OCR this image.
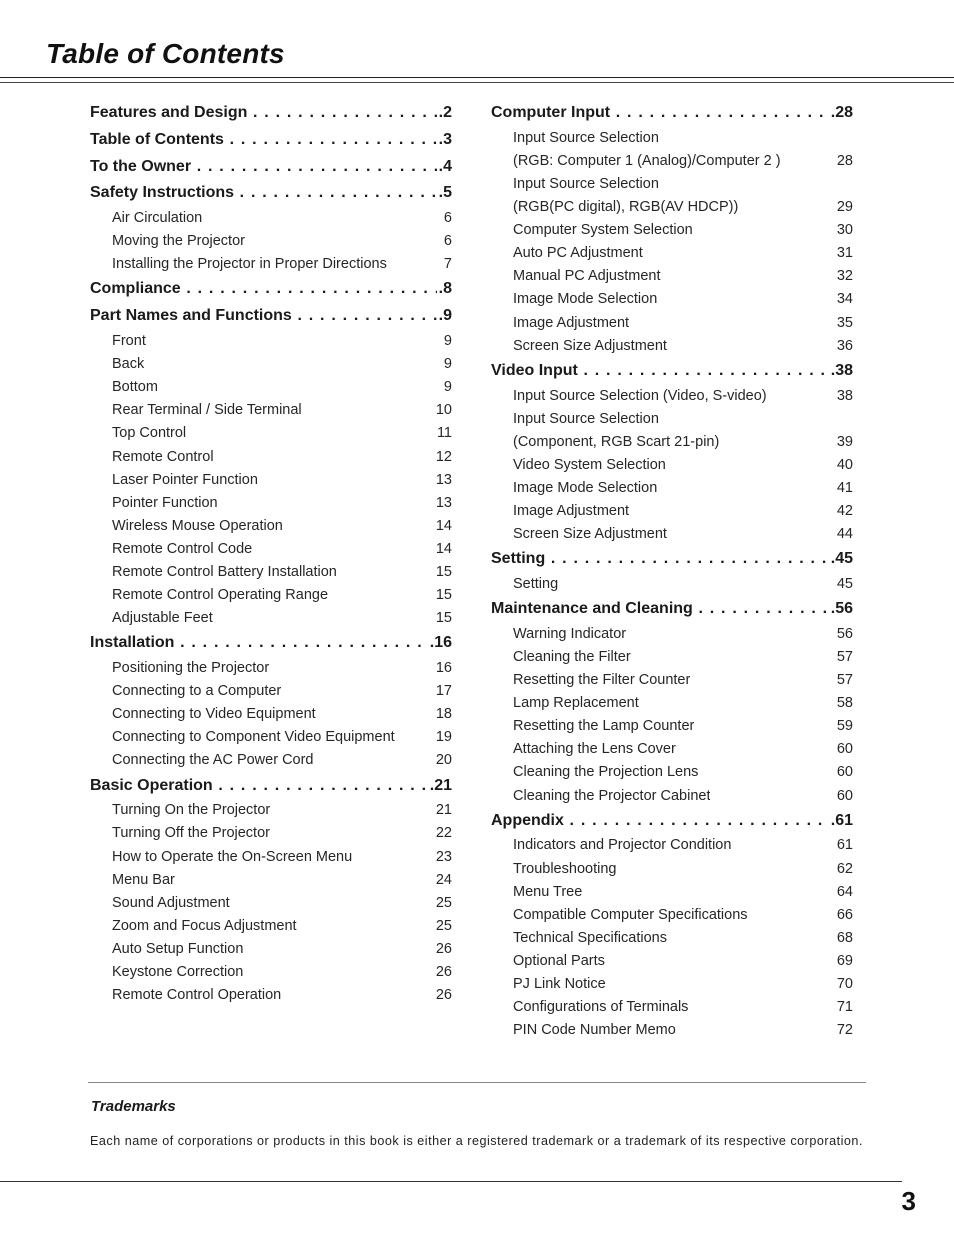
Table of Contents
Features and Design . . .	.2
Table of Contents . . .	.3
To the Owner . . .	.4
Safety Instructions . . .	.5
Air Circulation	6
Moving the Projector	6
Installing the Projector in Proper Directions	7
Compliance . . .	.8
Part Names and Functions . . .	.9
Front	9
Back	9
Bottom	9
Rear Terminal / Side Terminal	10
Top Control	11
Remote Control	12
Laser Pointer Function	13
Pointer Function	13
Wireless Mouse Operation	14
Remote Control Code	14
Remote Control Battery Installation	15
Remote Control Operating Range	15
Adjustable Feet	15
Installation . . .	.16
Positioning the Projector	16
Connecting to a Computer	17
Connecting to Video Equipment	18
Connecting to Component Video Equipment	19
Connecting the AC Power Cord	20
Basic Operation . . .	.21
Turning On the Projector	21
Turning Off the Projector	22
How to Operate the On-Screen Menu	23
Menu Bar	24
Sound Adjustment	25
Zoom and Focus Adjustment	25
Auto Setup Function	26
Keystone Correction	26
Remote Control Operation	26
Computer Input . . .	.28
Input Source Selection
(RGB: Computer 1 (Analog)/Computer 2 )	28
Input Source Selection
(RGB(PC digital), RGB(AV HDCP))	29
Computer System Selection	30
Auto PC Adjustment	31
Manual PC Adjustment	32
Image Mode Selection	34
Image Adjustment	35
Screen Size Adjustment	36
Video Input . . .	.38
Input Source Selection (Video, S-video)	38
Input Source Selection
(Component, RGB Scart 21-pin)	39
Video System Selection	40
Image Mode Selection	41
Image Adjustment	42
Screen Size Adjustment	44
Setting . . .	.45
Setting	45
Maintenance and Cleaning . . .	.56
Warning Indicator	56
Cleaning the Filter	57
Resetting the Filter Counter	57
Lamp Replacement	58
Resetting the Lamp Counter	59
Attaching the Lens Cover	60
Cleaning the Projection Lens	60
Cleaning the Projector Cabinet	60
Appendix . . .	.61
Indicators and Projector Condition	61
Troubleshooting	62
Menu Tree	64
Compatible Computer Specifications	66
Technical Specifications	68
Optional Parts	69
PJ Link Notice	70
Configurations of Terminals	71
PIN Code Number Memo	72
Trademarks

Each name of corporations or products in this book is either a registered trademark or a trademark of its respective corporation.

3
